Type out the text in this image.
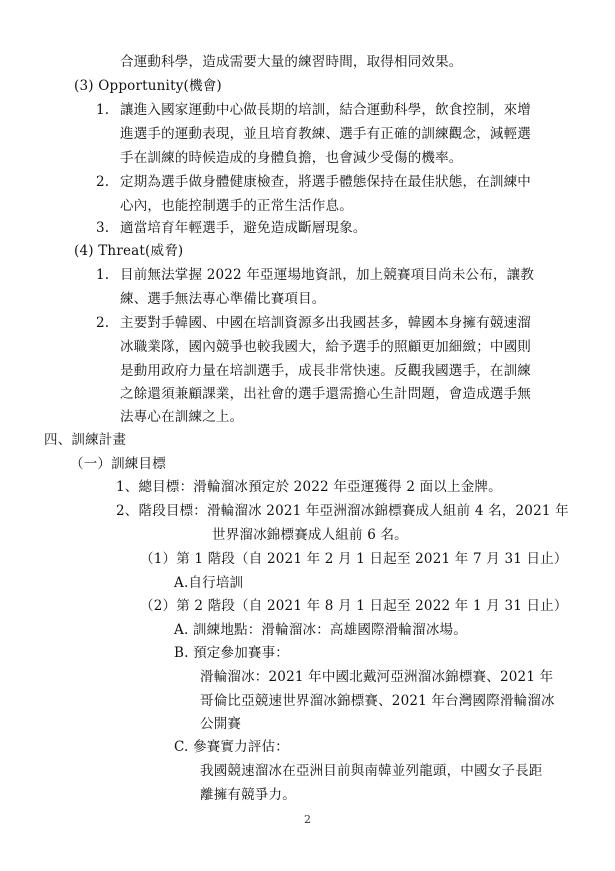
合運動科學，造成需要大量的練習時間，取得相同效果。
(3) Opportunity(機會)
1. 讓進入國家運動中心做長期的培訓，結合運動科學，飲食控制，來增
進選手的運動表現，並且培育教練、選手有正確的訓練觀念，減輕選
手在訓練的時候造成的身體負擔，也會減少受傷的機率。
2. 定期為選手做身體健康檢查，將選手體態保持在最佳狀態，在訓練中
心內，也能控制選手的正常生活作息。
3. 適當培育年輕選手，避免造成斷層現象。
(4) Threat(威脅)
1. 目前無法掌握 2022 年亞運場地資訊，加上競賽項目尚未公布，讓教
練、選手無法專心準備比賽項目。
2. 主要對手韓國、中國在培訓資源多出我國甚多，韓國本身擁有競速溜
冰職業隊，國內競爭也較我國大，給予選手的照顧更加細緻；中國則
是動用政府力量在培訓選手，成長非常快速。反觀我國選手，在訓練
之餘還須兼顧課業，出社會的選手還需擔心生計問題，會造成選手無
法專心在訓練之上。
四、訓練計畫
（一）訓練目標
1、總目標：滑輪溜冰預定於 2022 年亞運獲得 2 面以上金牌。
2、階段目標：滑輪溜冰 2021 年亞洲溜冰錦標賽成人組前 4 名，2021 年
世界溜冰錦標賽成人組前 6 名。
（1）第 1 階段（自 2021 年 2 月 1 日起至 2021 年 7 月 31 日止）
A.自行培訓
（2）第 2 階段（自 2021 年 8 月 1 日起至 2022 年 1 月 31 日止）
A. 訓練地點：滑輪溜冰：高雄國際滑輪溜冰場。
B. 預定參加賽事：
滑輪溜冰：2021 年中國北戴河亞洲溜冰錦標賽、2021 年
哥倫比亞競速世界溜冰錦標賽、2021 年台灣國際滑輪溜冰
公開賽
C. 參賽實力評估：
我國競速溜冰在亞洲目前與南韓並列龍頭，中國女子長距
離擁有競爭力。
2
